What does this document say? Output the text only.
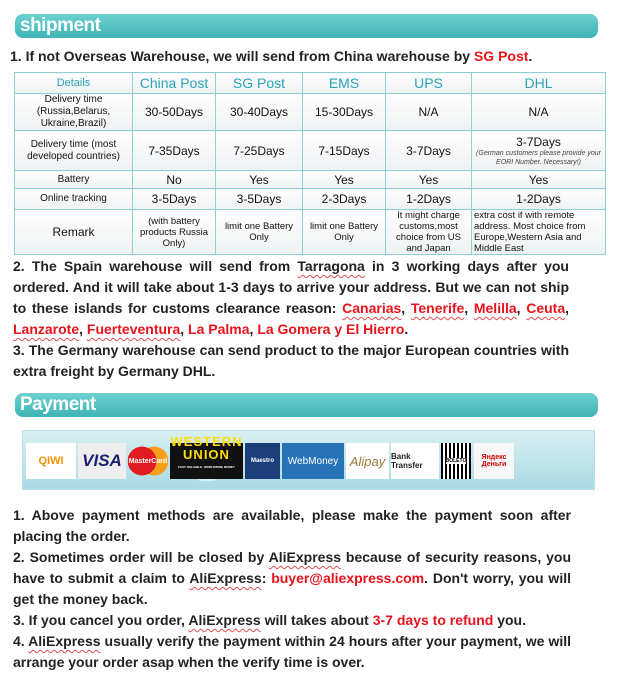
shipment
1. If not Overseas Warehouse, we will send from China warehouse by SG Post.
Details	China Post	SG Post	EMS	UPS	DHL
Delivery time (Russia,Belarus, Ukraine,Brazil)	30-50Days	30-40Days	15-30Days	N/A	N/A
Delivery time (most developed countries)	7-35Days	7-25Days	7-15Days	3-7Days	3-7Days
(German customers please provide your EORI Number. Necessary!)

Battery	No	Yes	Yes	Yes	Yes
Online tracking	3-5Days	3-5Days	2-3Days	1-2Days	1-2Days
Remark	(with battery products Russia Only)	limit one Battery Only	limit one Battery Only	It might charge customs,most choice from US and Japan	extra cost if with remote address. Most choice from Europe,Western Asia and Middle East
2. The Spain warehouse will send from Tarragona in 3 working days after you ordered. And it will take about 1-3 days to arrive your address. But we can not ship to these islands for customs clearance reason: Canarias, Tenerife, Melilla, Ceuta, Lanzarote, Fuerteventura, La Palma, La Gomera y El Hierro.
3. The Germany warehouse can send product to the major European countries with extra freight by Germany DHL.
Payment
QIWI	VISA MasterCard
WESTERN UNION
FAST. RELIABLE. WORLDWIDE MONEY TRANSFER
Maestro	WebMoney Alipay Bank Transfer	BOLETO	Яндекс Деньги
1. Above payment methods are available, please make the payment soon after placing the order.
2. Sometimes order will be closed by AliExpress because of security reasons, you have to submit a claim to AliExpress: buyer@aliexpress.com. Don't worry, you will get the money back.
3. If you cancel you order, AliExpress will takes about 3-7 days to refund you.
4. AliExpress usually verify the payment within 24 hours after your payment, we will arrange your order asap when the verify time is over.
